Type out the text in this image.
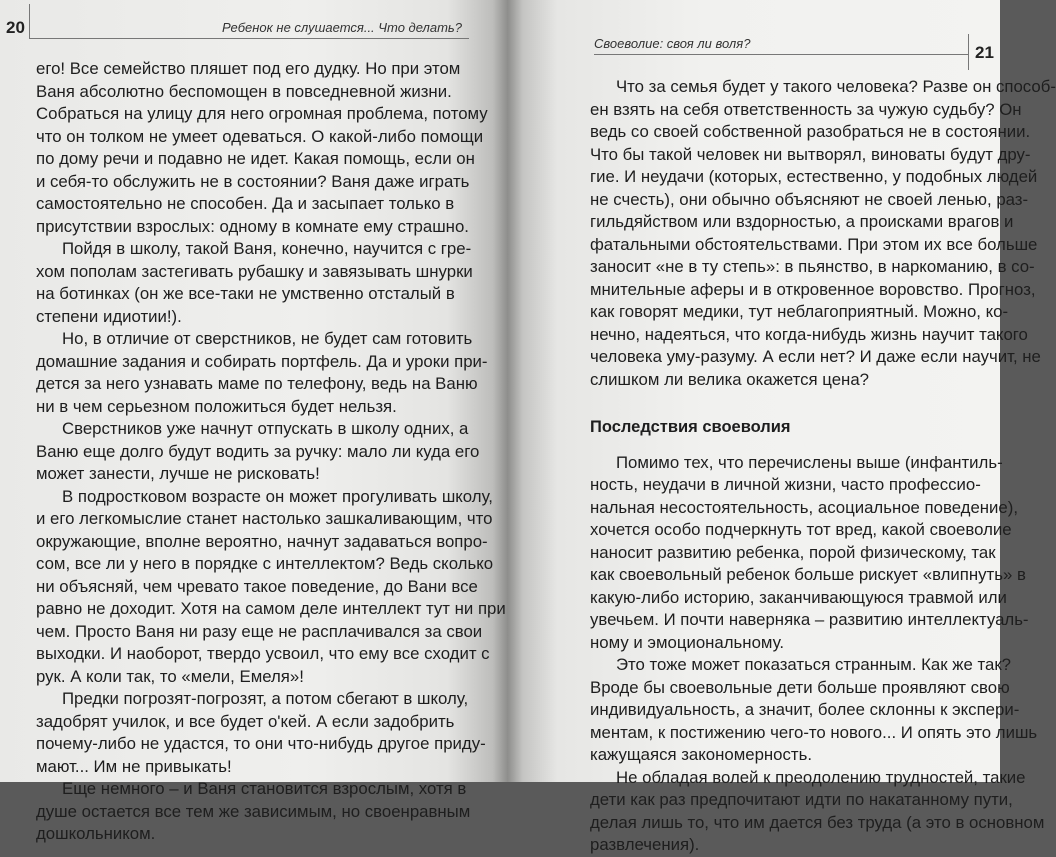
20	Ребенок не слушается... Что делать?
его! Все семейство пляшет под его дудку. Но при этом
Ваня абсолютно беспомощен в повседневной жизни.
Собраться на улицу для него огромная проблема, потому
что он толком не умеет одеваться. О какой-либо помощи
по дому речи и подавно не идет. Какая помощь, если он
и себя-то обслужить не в состоянии? Ваня даже играть
самостоятельно не способен. Да и засыпает только в
присутствии взрослых: одному в комнате ему страшно.
Пойдя в школу, такой Ваня, конечно, научится с гре-
хом пополам застегивать рубашку и завязывать шнурки
на ботинках (он же все-таки не умственно отсталый в
степени идиотии!).
Но, в отличие от сверстников, не будет сам готовить
домашние задания и собирать портфель. Да и уроки при-
дется за него узнавать маме по телефону, ведь на Ваню
ни в чем серьезном положиться будет нельзя.
Сверстников уже начнут отпускать в школу одних, а
Ваню еще долго будут водить за ручку: мало ли куда его
может занести, лучше не рисковать!
В подростковом возрасте он может прогуливать школу,
и его легкомыслие станет настолько зашкаливающим, что
окружающие, вполне вероятно, начнут задаваться вопро-
сом, все ли у него в порядке с интеллектом? Ведь сколько
ни объясняй, чем чревато такое поведение, до Вани все
равно не доходит. Хотя на самом деле интеллект тут ни при
чем. Просто Ваня ни разу еще не расплачивался за свои
выходки. И наоборот, твердо усвоил, что ему все сходит с
рук. А коли так, то «мели, Емеля»!
Предки погрозят-погрозят, а потом сбегают в школу,
задобрят училок, и все будет о'кей. А если задобрить
почему-либо не удастся, то они что-нибудь другое приду-
мают... Им не привыкать!
Еще немного – и Ваня становится взрослым, хотя в
душе остается все тем же зависимым, но своенравным
дошкольником.
Своеволие: своя ли воля?	21
Что за семья будет у такого человека? Разве он способ-
ен взять на себя ответственность за чужую судьбу? Он
ведь со своей собственной разобраться не в состоянии.
Что бы такой человек ни вытворял, виноваты будут дру-
гие. И неудачи (которых, естественно, у подобных людей
не счесть), они обычно объясняют не своей ленью, раз-
гильдяйством или вздорностью, а происками врагов и
фатальными обстоятельствами. При этом их все больше
заносит «не в ту степь»: в пьянство, в наркоманию, в со-
мнительные аферы и в откровенное воровство. Прогноз,
как говорят медики, тут неблагоприятный. Можно, ко-
нечно, надеяться, что когда-нибудь жизнь научит такого
человека уму-разуму. А если нет? И даже если научит, не
слишком ли велика окажется цена?
Последствия своеволия
Помимо тех, что перечислены выше (инфантиль-
ность, неудачи в личной жизни, часто профессио-
нальная несостоятельность, асоциальное поведение),
хочется особо подчеркнуть тот вред, какой своеволие
наносит развитию ребенка, порой физическому, так
как своевольный ребенок больше рискует «влипнуть» в
какую-либо историю, заканчивающуюся травмой или
увечьем. И почти наверняка – развитию интеллектуаль-
ному и эмоциональному.
Это тоже может показаться странным. Как же так?
Вроде бы своевольные дети больше проявляют свою
индивидуальность, а значит, более склонны к экспери-
ментам, к постижению чего-то нового... И опять это лишь
кажущаяся закономерность.
Не обладая волей к преодолению трудностей, такие
дети как раз предпочитают идти по накатанному пути,
делая лишь то, что им дается без труда (а это в основном
развлечения).
